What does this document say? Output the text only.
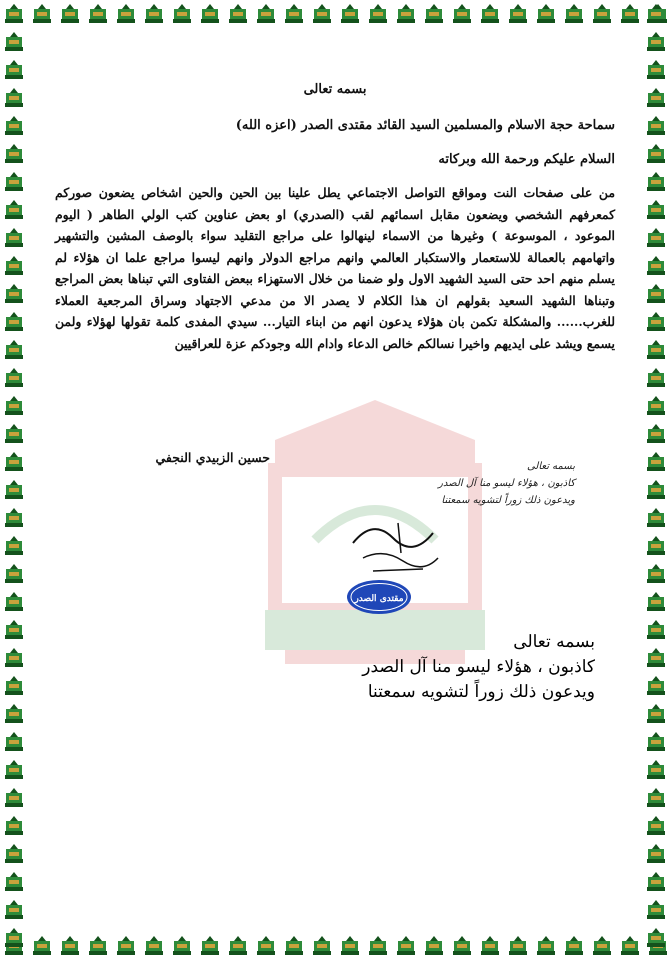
بسمه تعالى
سماحة حجة الاسلام والمسلمين السيد القائد مقتدى الصدر (اعزه الله)
السلام عليكم ورحمة الله وبركاته
من على صفحات النت ومواقع التواصل الاجتماعي يطل علينا بين الحين والحين اشخاص يضعون صوركم كمعرفهم الشخصي ويضعون مقابل اسمائهم لقب (الصدري) او بعض عناوين كتب الولي الطاهر ( اليوم الموعود ، الموسوعة ) وغيرها من الاسماء لينهالوا على مراجع التقليد سواء بالوصف المشين والتشهير واتهامهم بالعمالة للاستعمار والاستكبار العالمي وانهم مراجع الدولار وانهم ليسوا مراجع علما ان هؤلاء لم يسلم منهم احد حتى السيد الشهيد الاول ولو ضمنا من خلال الاستهزاء ببعض الفتاوى التي تبناها بعض المراجع وتبناها الشهيد السعيد بقولهم ان هذا الكلام لا يصدر الا من مدعي الاجتهاد وسراق المرجعية العملاء للغرب...... والمشكلة تكمن بان هؤلاء يدعون انهم من ابناء التيار... سيدي المفدى كلمة تقولها لهؤلاء ولمن يسمع ويشد على ايديهم واخيرا نسالكم خالص الدعاء وادام الله وجودكم عزة للعراقيين
حسين الزبيدي النجفي
بسمه تعالى
كاذبون ، هؤلاء ليسو منا آل الصدر
ويدعون ذلك زوراً لتشويه سمعتنا
مقتدى الصدر
بسمه تعالى
كاذبون ، هؤلاء ليسو منا آل الصدر
ويدعون ذلك زوراً لتشويه سمعتنا
